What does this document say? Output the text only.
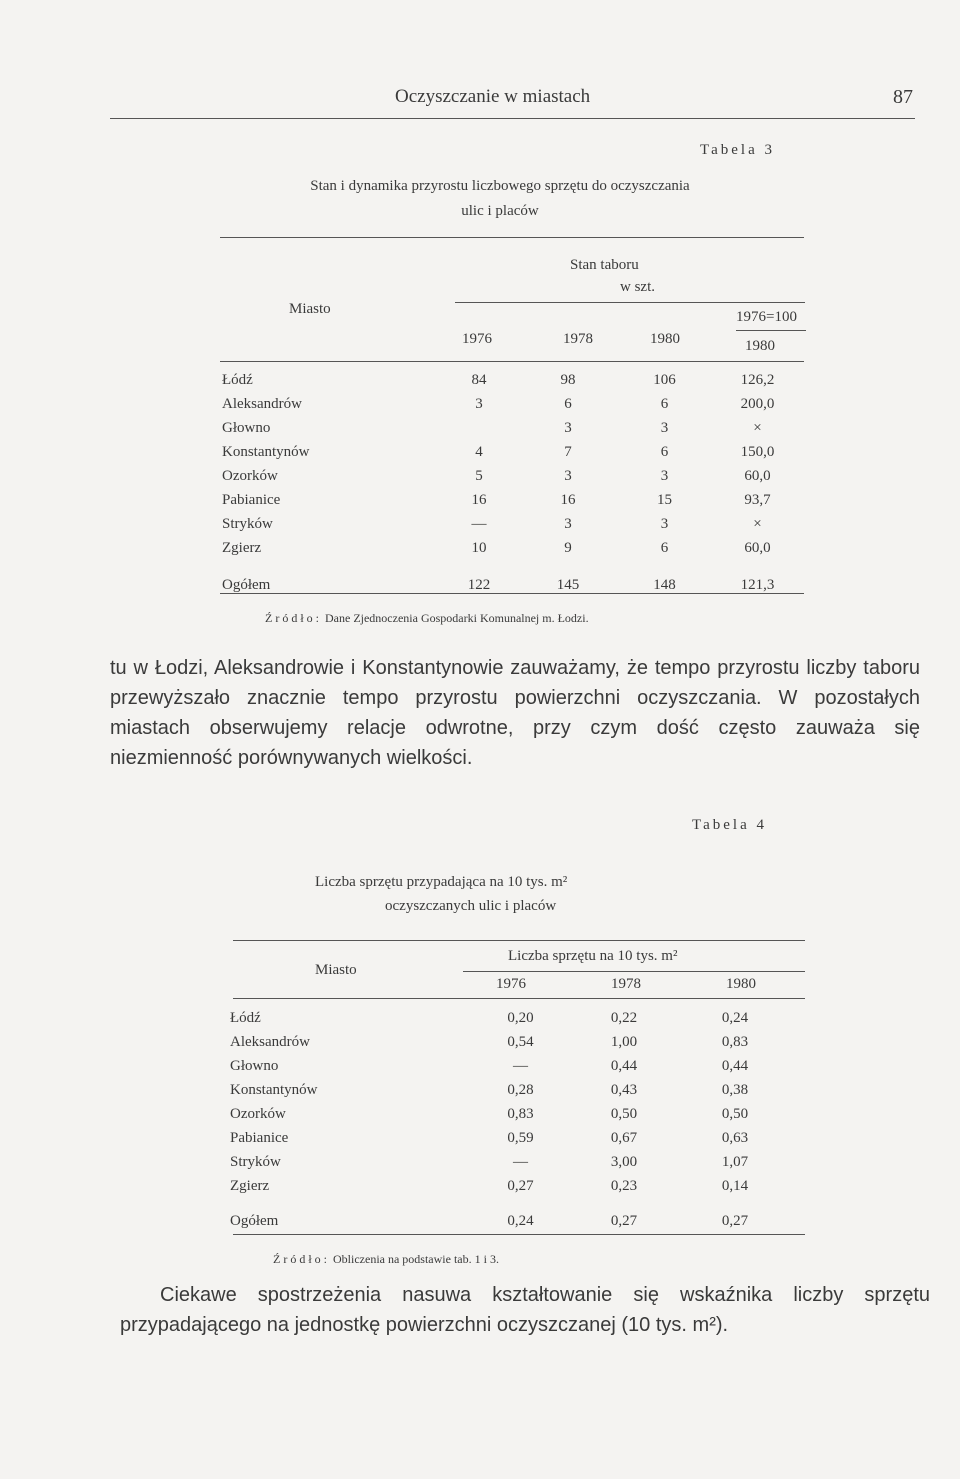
Oczyszczanie w miastach	87
Tabela 3
Stan i dynamika przyrostu liczbowego sprzętu do oczyszczania
ulic i placów
Miasto
Stan taboru
w szt.
1976	1978	1980
1976=100
1980
Łódź	84	98	106	126,2
Aleksandrów	3	6	6	200,0
Głowno		3	3	×
Konstantynów	4	7	6	150,0
Ozorków	5	3	3	60,0
Pabianice	16	16	15	93,7
Stryków	—	3	3	×
Zgierz	10	9	6	60,0
Ogółem	122	145	148	121,3
Źródło: Dane Zjednoczenia Gospodarki Komunalnej m. Łodzi.
tu w Łodzi, Aleksandrowie i Konstantynowie zauważamy, że tempo przyrostu liczby taboru przewyższało znacznie tempo przyrostu powierzchni oczyszczania. W pozostałych miastach obserwujemy relacje odwrotne, przy czym dość często zauważa się niezmienność porównywanych wielkości.
Tabela 4
Liczba sprzętu przypadająca na 10 tys. m²
oczyszczanych ulic i placów
Miasto
Liczba sprzętu na 10 tys. m²
1976	1978	1980
Łódź	0,20	0,22	0,24
Aleksandrów	0,54	1,00	0,83
Głowno	—	0,44	0,44
Konstantynów	0,28	0,43	0,38
Ozorków	0,83	0,50	0,50
Pabianice	0,59	0,67	0,63
Stryków	—	3,00	1,07
Zgierz	0,27	0,23	0,14
Ogółem	0,24	0,27	0,27
Źródło: Obliczenia na podstawie tab. 1 i 3.
Ciekawe spostrzeżenia nasuwa kształtowanie się wskaźnika liczby sprzętu przypadającego na jednostkę powierzchni oczyszczanej (10 tys. m²).
